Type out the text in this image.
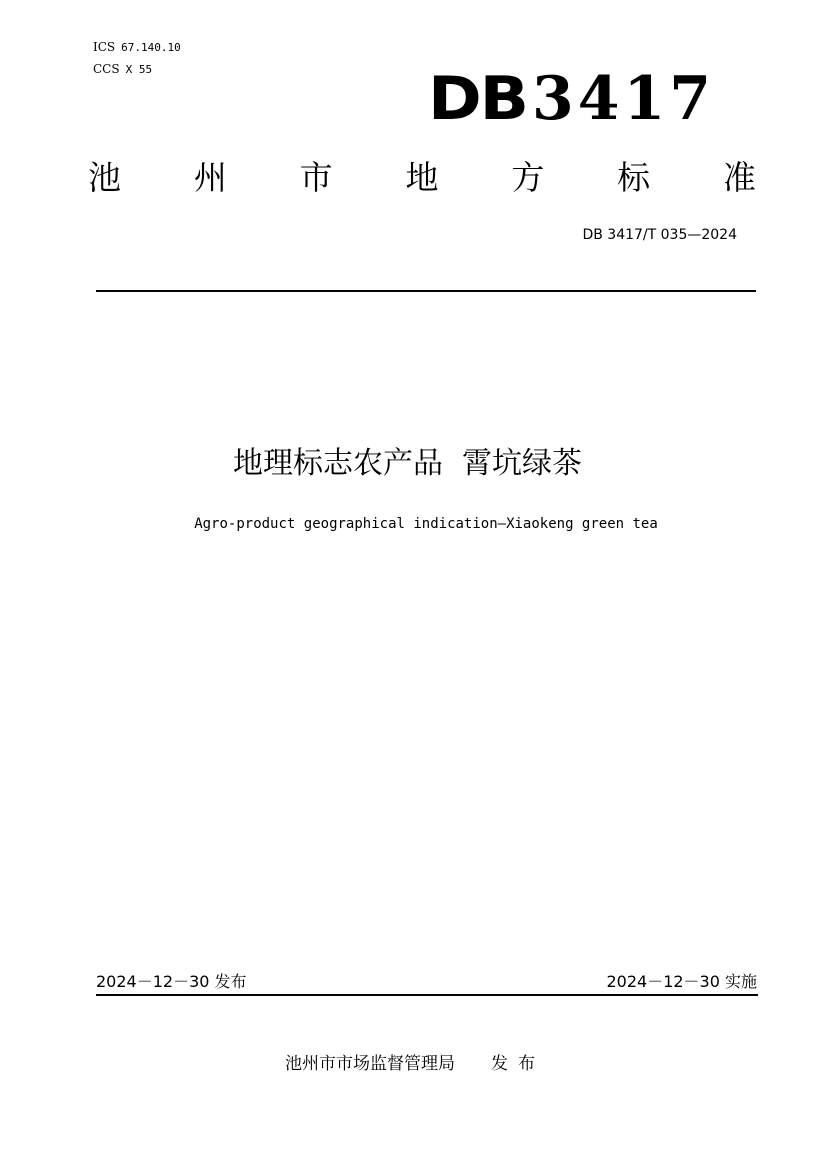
ICS 67.140.10
CCS X 55	DB 3417
池 州 市 地 方 标 准
DB 3417/T 035—2024
地理标志农产品  霄坑绿茶
Agro-product geographical indication—Xiaokeng green tea
2024－12－30 发布	2024－12－30 实施
池州市市场监督管理局 发布
